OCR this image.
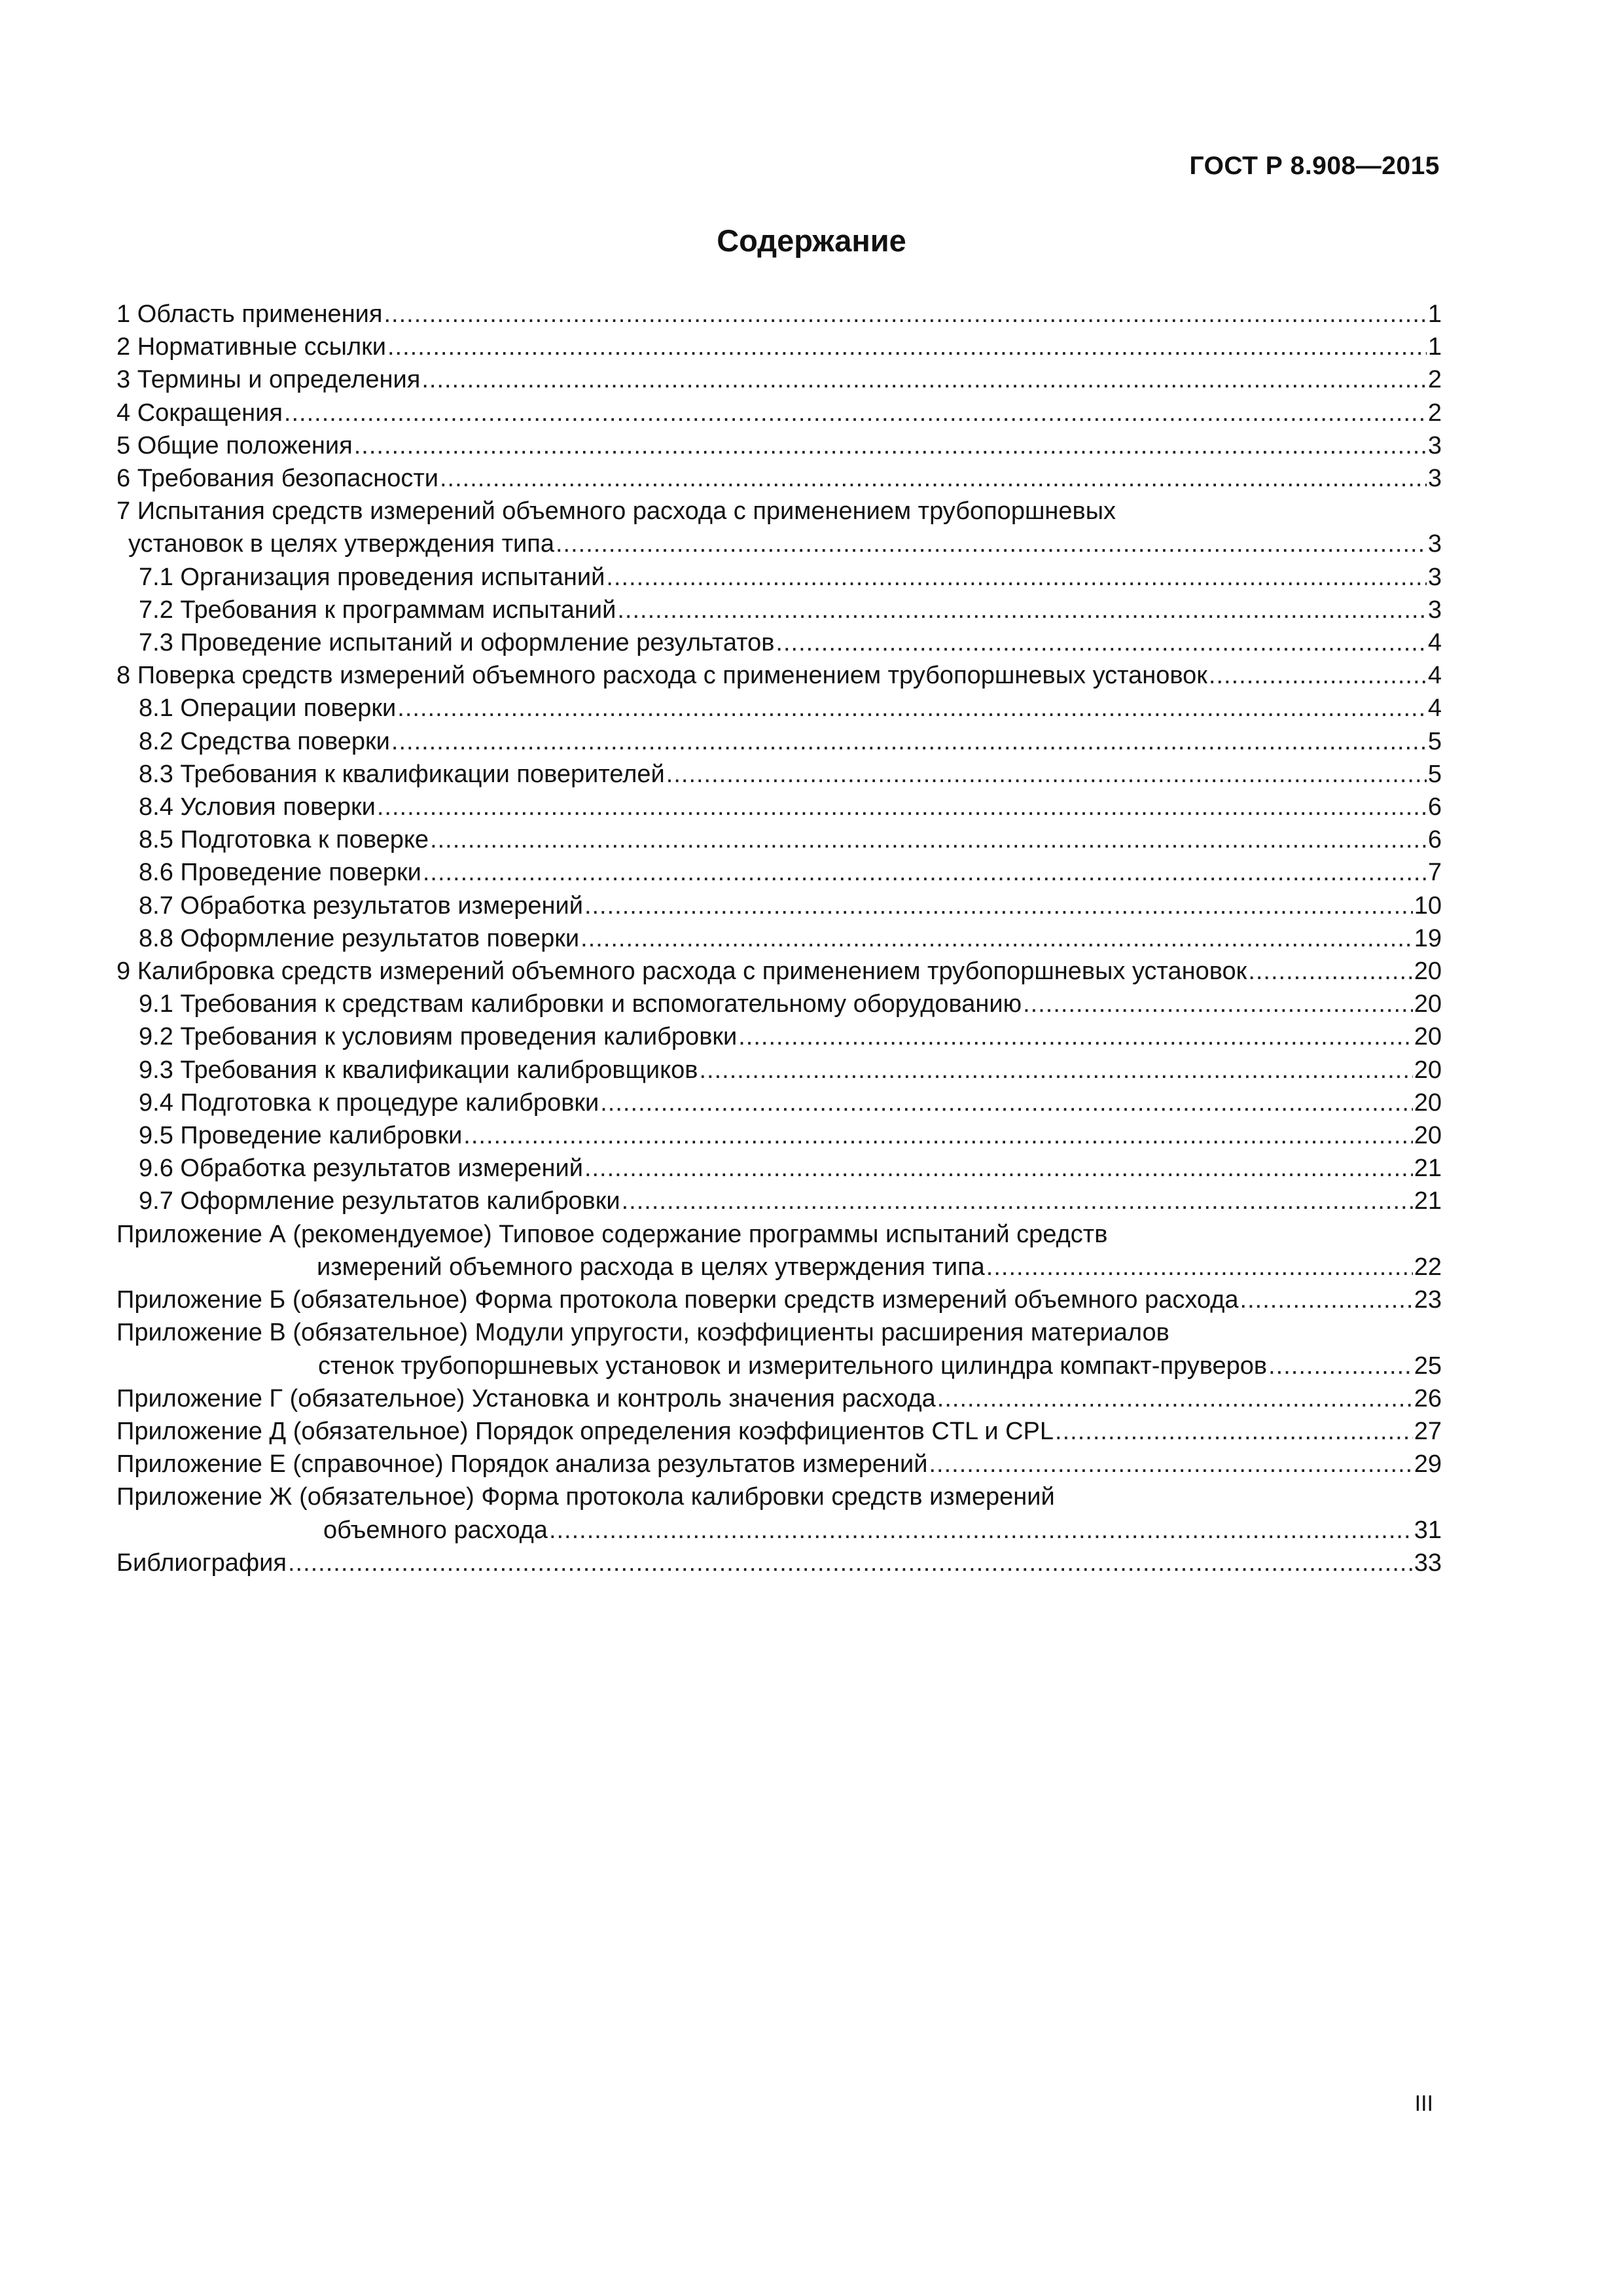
ГОСТ Р 8.908—2015
Содержание
1 Область применения .....	1
2 Нормативные ссылки .....	1
3 Термины и определения .....	2
4 Сокращения .....	2
5 Общие положения .....	3
6 Требования безопасности .....	3
7 Испытания средств измерений объемного расхода с применением трубопоршневых
установок в целях утверждения типа .....	3
7.1 Организация проведения испытаний .....	3
7.2 Требования к программам испытаний .....	3
7.3 Проведение испытаний и оформление результатов .....	4
8 Поверка средств измерений объемного расхода с применением трубопоршневых установок .....	4
8.1 Операции поверки .....	4
8.2 Средства поверки .....	5
8.3 Требования к квалификации поверителей .....	5
8.4 Условия поверки .....	6
8.5 Подготовка к поверке .....	6
8.6 Проведение поверки .....	7
8.7 Обработка результатов измерений .....	10
8.8 Оформление результатов поверки .....	19
9 Калибровка средств измерений объемного расхода с применением трубопоршневых установок .....	20
9.1 Требования к средствам калибровки и вспомогательному оборудованию .....	20
9.2 Требования к условиям проведения калибровки .....	20
9.3 Требования к квалификации калибровщиков .....	20
9.4 Подготовка к процедуре калибровки .....	20
9.5 Проведение калибровки .....	20
9.6 Обработка результатов измерений .....	21
9.7 Оформление результатов калибровки .....	21
Приложение А (рекомендуемое) Типовое содержание программы испытаний средств
измерений объемного расхода в целях утверждения типа .....	22
Приложение Б (обязательное) Форма протокола поверки средств измерений объемного расхода .....	23
Приложение В (обязательное) Модули упругости, коэффициенты расширения материалов
стенок трубопоршневых установок и измерительного цилиндра компакт-пруверов .....	25
Приложение Г (обязательное) Установка и контроль значения расхода .....	26
Приложение Д (обязательное) Порядок определения коэффициентов CTL и CPL .....	27
Приложение Е (справочное) Порядок анализа результатов измерений .....	29
Приложение Ж (обязательное) Форма протокола калибровки средств измерений
объемного расхода .....	31
Библиография .....	33
III
